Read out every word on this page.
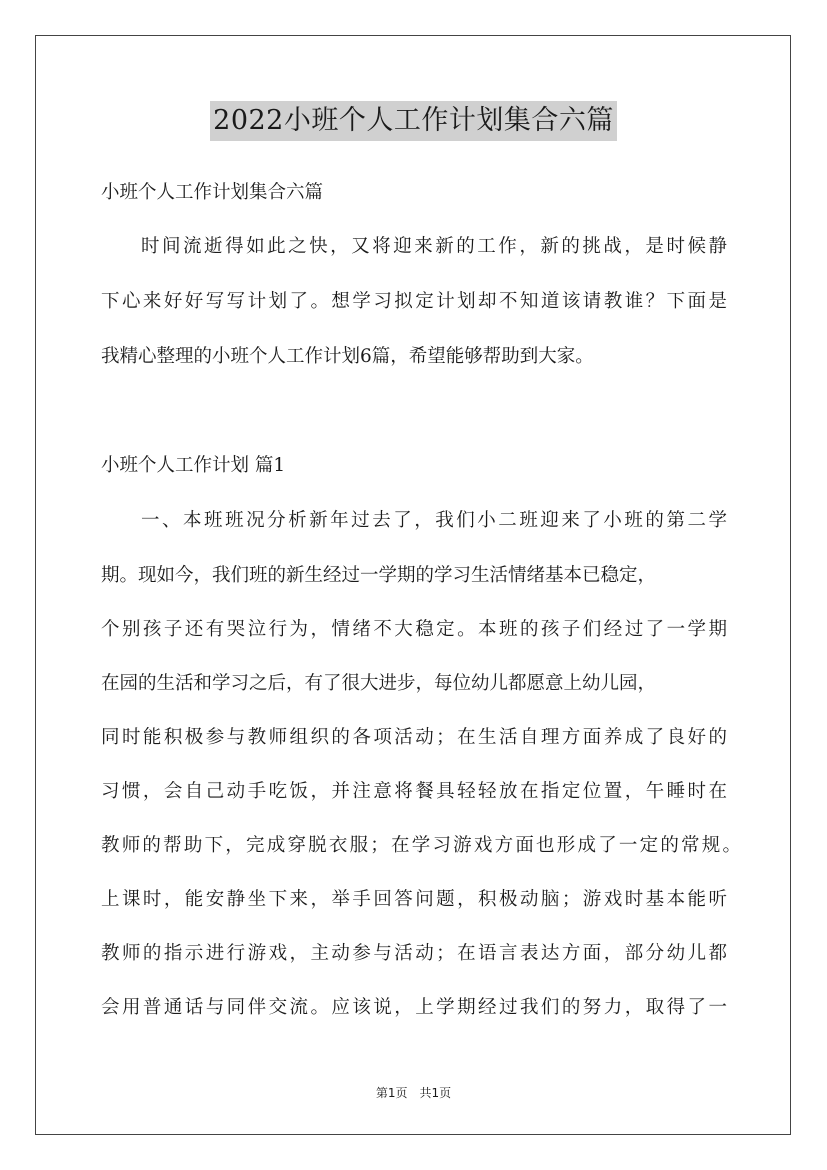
2022小班个人工作计划集合六篇
小班个人工作计划集合六篇
时间流逝得如此之快，又将迎来新的工作，新的挑战，是时候静
下心来好好写写计划了。想学习拟定计划却不知道该请教谁？下面是
我精心整理的小班个人工作计划6篇，希望能够帮助到大家。
小班个人工作计划 篇1
一、本班班况分析新年过去了，我们小二班迎来了小班的第二学
期。现如今，我们班的新生经过一学期的学习生活情绪基本已稳定，
个别孩子还有哭泣行为，情绪不大稳定。本班的孩子们经过了一学期
在园的生活和学习之后，有了很大进步，每位幼儿都愿意上幼儿园，
同时能积极参与教师组织的各项活动；在生活自理方面养成了良好的
习惯，会自己动手吃饭，并注意将餐具轻轻放在指定位置，午睡时在
教师的帮助下，完成穿脱衣服；在学习游戏方面也形成了一定的常规。
上课时，能安静坐下来，举手回答问题，积极动脑；游戏时基本能听
教师的指示进行游戏，主动参与活动；在语言表达方面，部分幼儿都
会用普通话与同伴交流。应该说，上学期经过我们的努力，取得了一
第1页　共1页
